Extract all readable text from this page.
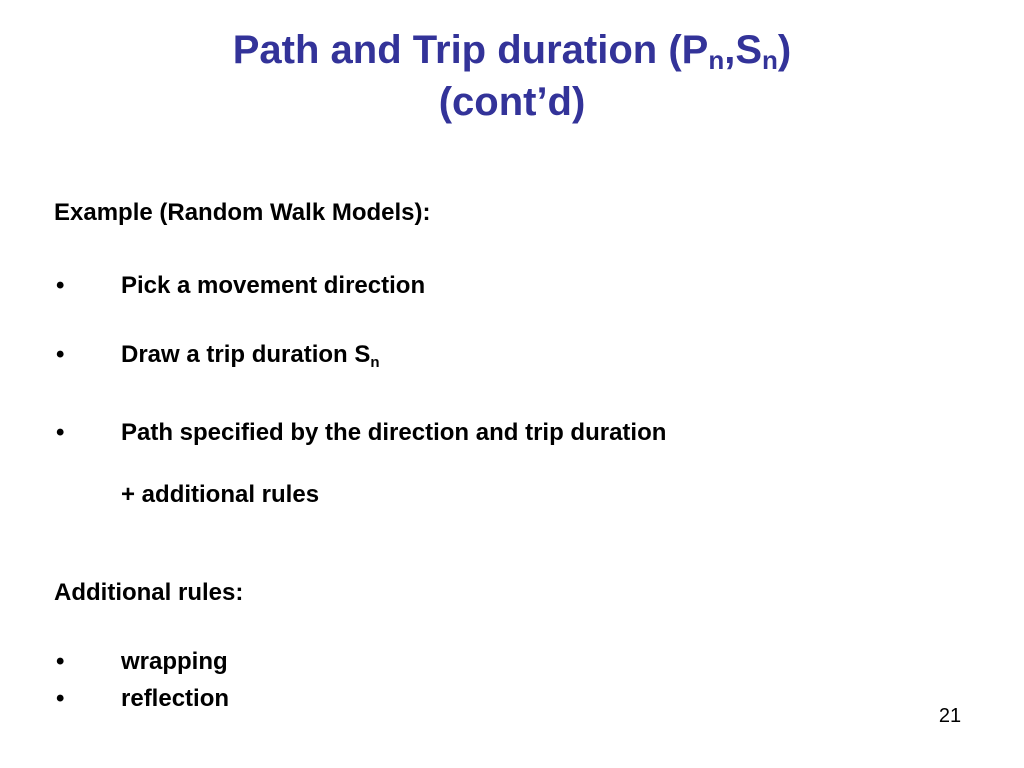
Path and Trip duration $(P_n,S_n)$
(cont’d)
Example (Random Walk Models):
• Pick a movement direction
• Draw a trip duration $S_n$
• Path specified by the direction and trip duration
+ additional rules
Additional rules:
• wrapping
• reflection
21
